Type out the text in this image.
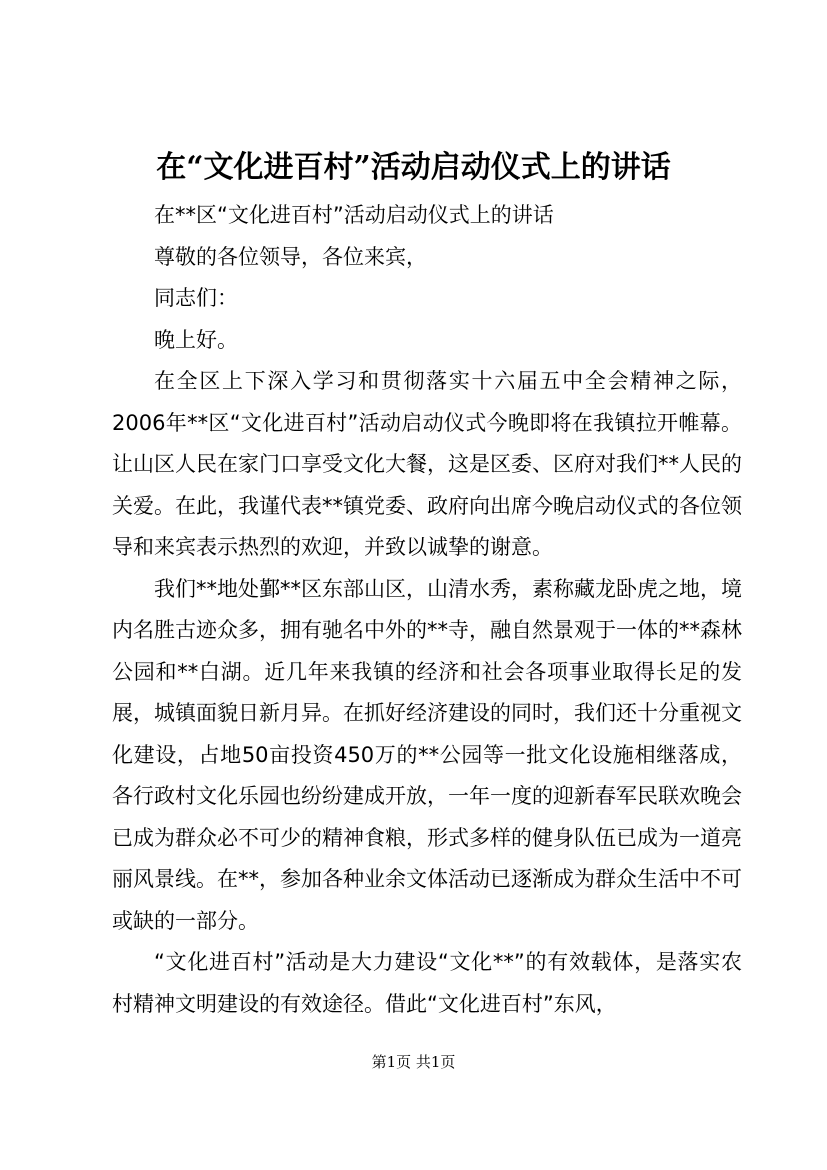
在“文化进百村”活动启动仪式上的讲话

在**区“文化进百村”活动启动仪式上的讲话

尊敬的各位领导，各位来宾，

同志们：

晚上好。

在全区上下深入学习和贯彻落实十六届五中全会精神之际，2006年**区“文化进百村”活动启动仪式今晚即将在我镇拉开帷幕。让山区人民在家门口享受文化大餐，这是区委、区府对我们**人民的关爱。在此，我谨代表**镇党委、政府向出席今晚启动仪式的各位领导和来宾表示热烈的欢迎，并致以诚挚的谢意。

我们**地处鄞**区东部山区，山清水秀，素称藏龙卧虎之地，境内名胜古迹众多，拥有驰名中外的**寺，融自然景观于一体的**森林公园和**白湖。近几年来我镇的经济和社会各项事业取得长足的发展，城镇面貌日新月异。在抓好经济建设的同时，我们还十分重视文化建设，占地50亩投资450万的**公园等一批文化设施相继落成，各行政村文化乐园也纷纷建成开放，一年一度的迎新春军民联欢晚会已成为群众必不可少的精神食粮，形式多样的健身队伍已成为一道亮丽风景线。在**，参加各种业余文体活动已逐渐成为群众生活中不可或缺的一部分。

“文化进百村”活动是大力建设“文化**”的有效载体，是落实农村精神文明建设的有效途径。借此“文化进百村”东风，

第1页 共1页
